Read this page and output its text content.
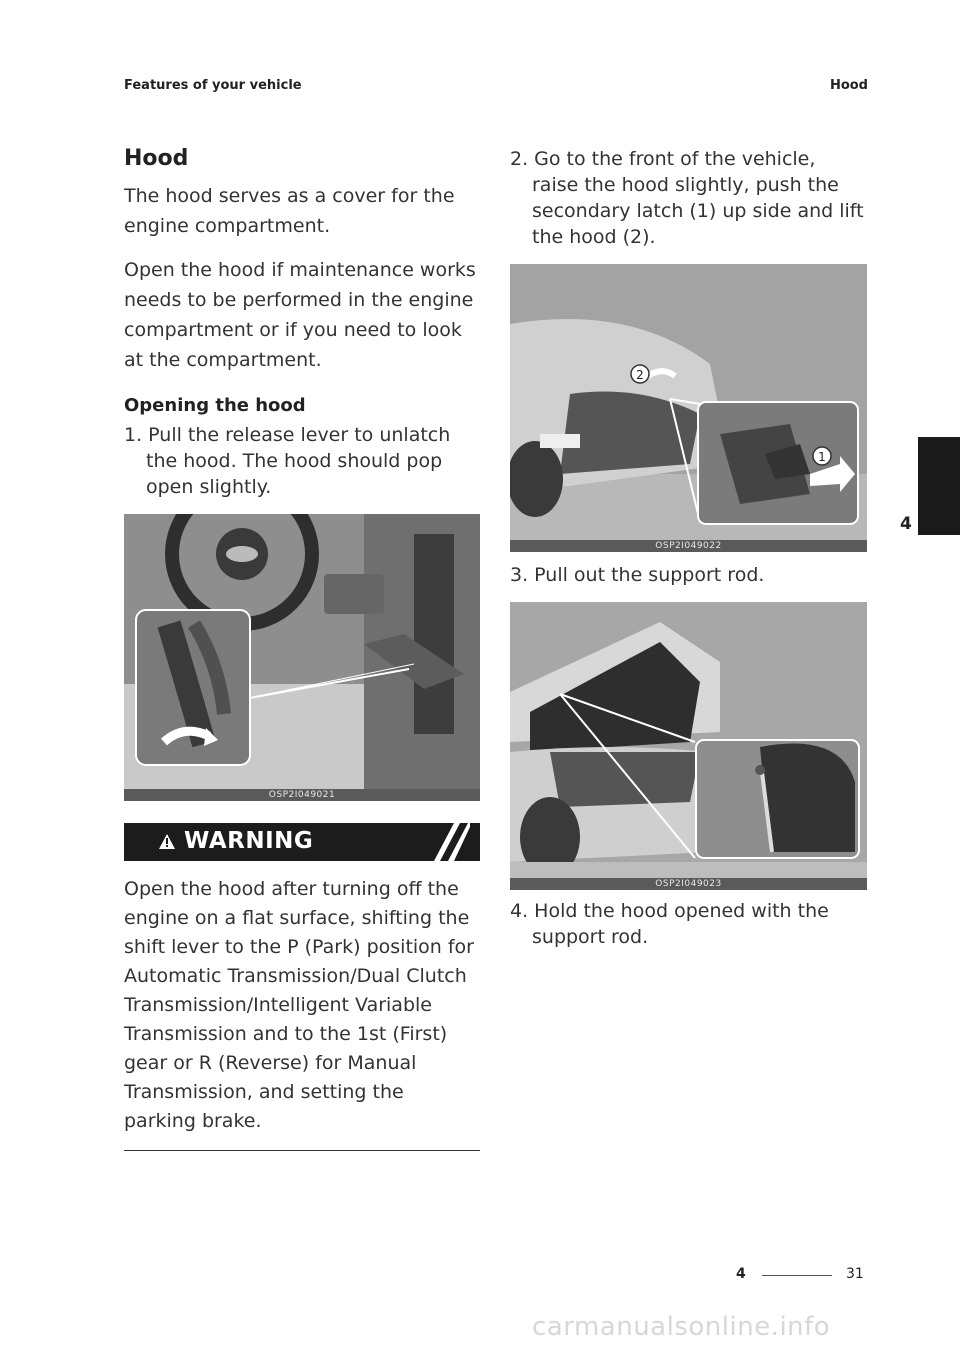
Features of your vehicle	Hood
Hood

The hood serves as a cover for the engine compartment.

Open the hood if maintenance works needs to be performed in the engine compartment or if you need to look at the compartment.

Opening the hood
1. Pull the release lever to unlatch the hood. The hood should pop open slightly.
OSP2I049021
WARNING
Open the hood after turning off the engine on a flat surface, shifting the shift lever to the P (Park) position for Automatic Transmission/Dual Clutch Transmission/Intelligent Variable Transmission and to the 1st (First) gear or R (Reverse) for Manual Transmission, and setting the parking brake.
2. Go to the front of the vehicle, raise the hood slightly, push the secondary latch (1) up side and lift the hood (2).
2
1
OSP2I049022
3. Pull out the support rod.
OSP2I049023
4. Hold the hood opened with the support rod.
4
4	31
carmanualsonline.info
